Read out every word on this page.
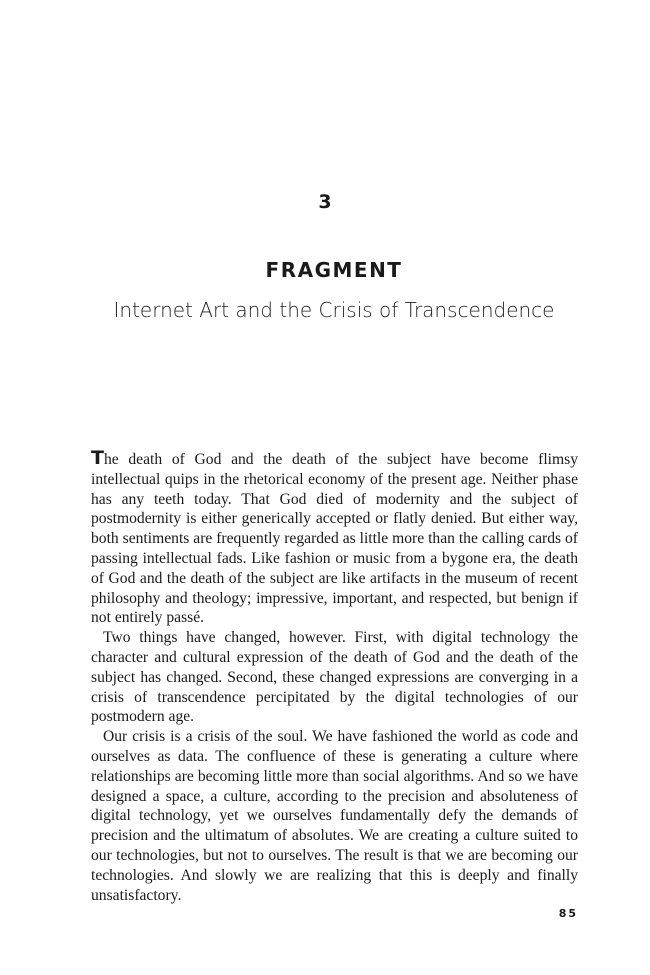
3
FRAGMENT
Internet Art and the Crisis of Transcendence

The death of God and the death of the subject have become flimsy intellectual quips in the rhetorical economy of the present age. Neither phase has any teeth today. That God died of modernity and the subject of postmodernity is either generically accepted or flatly denied. But either way, both sentiments are frequently regarded as little more than the calling cards of passing intellectual fads. Like fashion or music from a bygone era, the death of God and the death of the subject are like artifacts in the museum of recent philosophy and theology; impressive, important, and respected, but benign if not entirely passé.

Two things have changed, however. First, with digital technology the character and cultural expression of the death of God and the death of the subject has changed. Second, these changed expressions are converging in a crisis of transcendence percipitated by the digital technologies of our postmodern age.

Our crisis is a crisis of the soul. We have fashioned the world as code and ourselves as data. The confluence of these is generating a culture where relationships are becoming little more than social algorithms. And so we have designed a space, a culture, according to the precision and absoluteness of digital technology, yet we ourselves fundamentally defy the demands of precision and the ultimatum of absolutes. We are creating a culture suited to our technologies, but not to ourselves. The result is that we are becoming our technologies. And slowly we are realizing that this is deeply and finally unsatisfactory.

85
